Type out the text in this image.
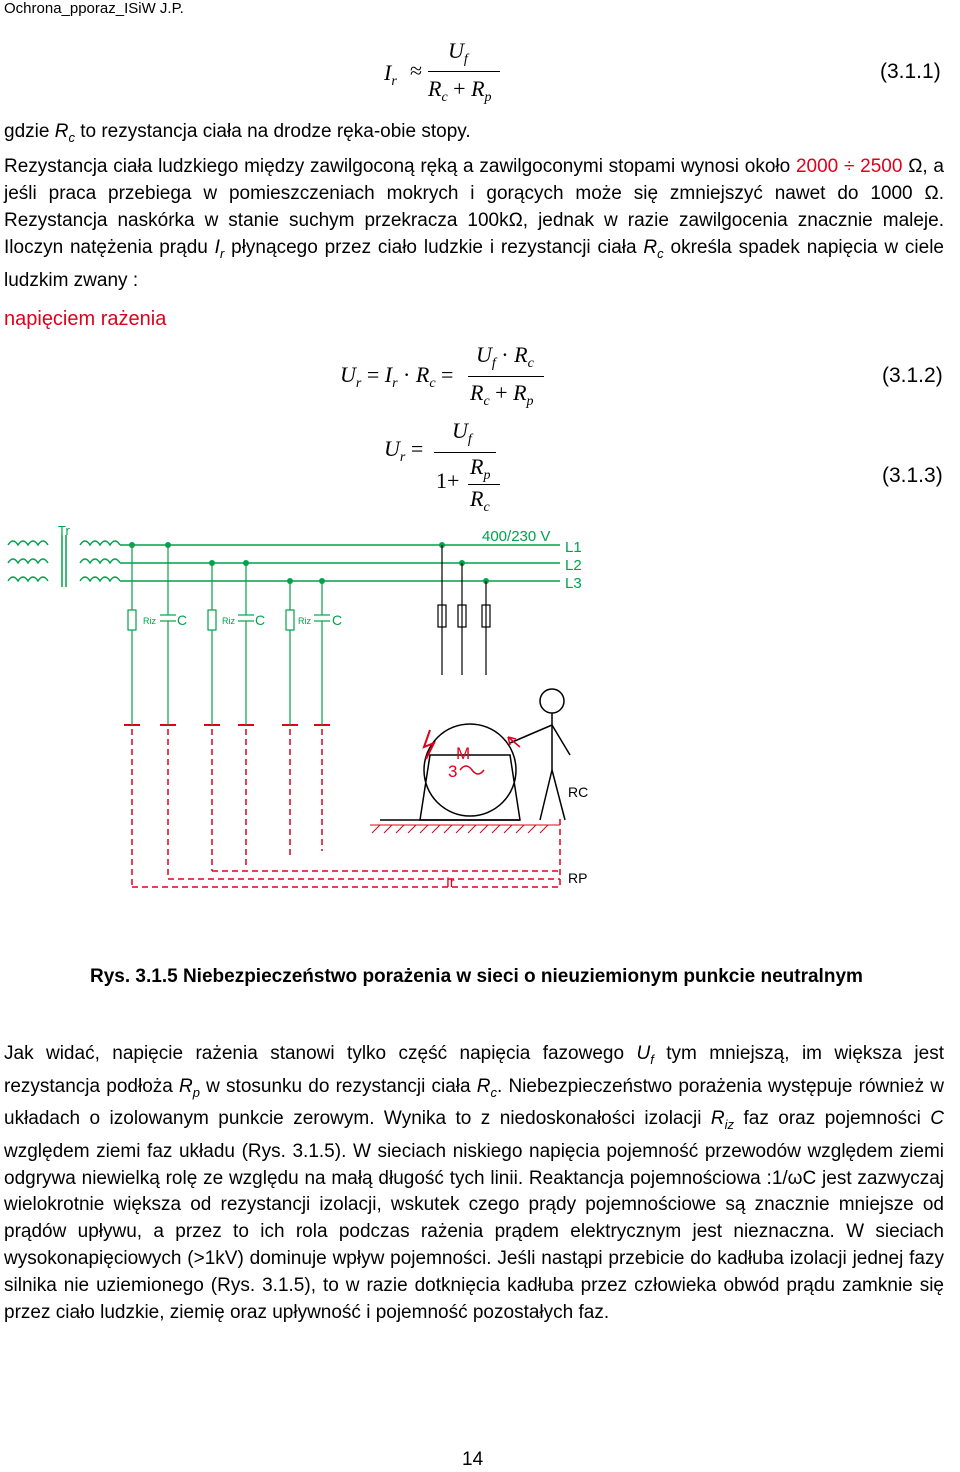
Ochrona_pporaz_ISiW J.P.
$I_r$ ≈
$U_f$
$R_c + R_p$
(3.1.1)
gdzie $R_c$ to rezystancja ciała na drodze ręka-obie stopy.
Rezystancja ciała ludzkiego między zawilgoconą ręką a zawilgoconymi stopami wynosi około 2000 ÷ 2500 Ω, a jeśli praca przebiega w pomieszczeniach mokrych i gorących może się zmniejszyć nawet do 1000 Ω. Rezystancja naskórka w stanie suchym przekracza 100kΩ, jednak w razie zawilgocenia znacznie maleje. Iloczyn natężenia prądu $I_r$ płynącego przez ciało ludzkie i rezystancji ciała $R_c$ określa spadek napięcia w ciele ludzkim zwany :
napięciem rażenia
$U_r = I_r \cdot R_c$ =
$U_f \cdot R_c$
$R_c + R_p$
(3.1.2)
$U_r$ =
$U_f$
1+
$R_p$
$R_c$
(3.1.3)
Tr	400/230 V
L1
L2
L3
Riz C	Riz C	Riz C
Ir	RP
M
3
RC
Rys. 3.1.5 Niebezpieczeństwo porażenia w sieci o nieuziemionym punkcie neutralnym
Jak widać, napięcie rażenia stanowi tylko część napięcia fazowego $U_f$ tym mniejszą, im większa jest rezystancja podłoża $R_p$ w stosunku do rezystancji ciała $R_c$. Niebezpieczeństwo porażenia występuje również w układach o izolowanym punkcie zerowym. Wynika to z niedoskonałości izolacji $R_{iz}$ faz oraz pojemności C względem ziemi faz układu (Rys. 3.1.5). W sieciach niskiego napięcia pojemność przewodów względem ziemi odgrywa niewielką rolę ze względu na małą długość tych linii. Reaktancja pojemnościowa :1/ωC jest zazwyczaj wielokrotnie większa od rezystancji izolacji, wskutek czego prądy pojemnościowe są znacznie mniejsze od prądów upływu, a przez to ich rola podczas rażenia prądem elektrycznym jest nieznaczna. W sieciach wysokonapięciowych (>1kV) dominuje wpływ pojemności. Jeśli nastąpi przebicie do kadłuba izolacji jednej fazy silnika nie uziemionego (Rys. 3.1.5), to w razie dotknięcia kadłuba przez człowieka obwód prądu zamknie się przez ciało ludzkie, ziemię oraz upływność i pojemność pozostałych faz.
14
